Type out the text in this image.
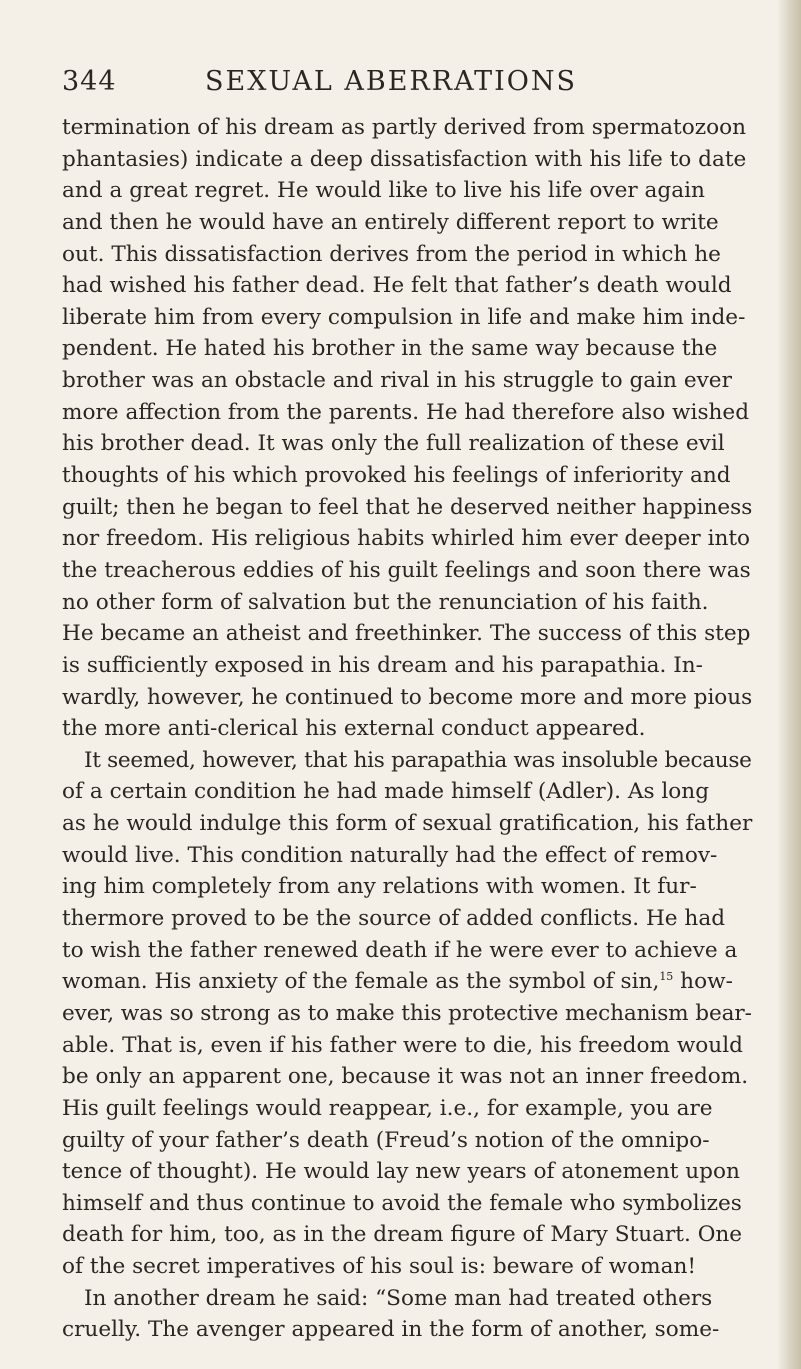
344	SEXUAL ABERRATIONS
termination of his dream as partly derived from spermatozoon
phantasies) indicate a deep dissatisfaction with his life to date
and a great regret. He would like to live his life over again
and then he would have an entirely different report to write
out. This dissatisfaction derives from the period in which he
had wished his father dead. He felt that father’s death would
liberate him from every compulsion in life and make him inde-
pendent. He hated his brother in the same way because the
brother was an obstacle and rival in his struggle to gain ever
more affection from the parents. He had therefore also wished
his brother dead. It was only the full realization of these evil
thoughts of his which provoked his feelings of inferiority and
guilt; then he began to feel that he deserved neither happiness
nor freedom. His religious habits whirled him ever deeper into
the treacherous eddies of his guilt feelings and soon there was
no other form of salvation but the renunciation of his faith.
He became an atheist and freethinker. The success of this step
is sufficiently exposed in his dream and his parapathia. In-
wardly, however, he continued to become more and more pious
the more anti-clerical his external conduct appeared.
It seemed, however, that his parapathia was insoluble because
of a certain condition he had made himself (Adler). As long
as he would indulge this form of sexual gratification, his father
would live. This condition naturally had the effect of remov-
ing him completely from any relations with women. It fur-
thermore proved to be the source of added conflicts. He had
to wish the father renewed death if he were ever to achieve a
woman. His anxiety of the female as the symbol of sin,$^{15}$ how-
ever, was so strong as to make this protective mechanism bear-
able. That is, even if his father were to die, his freedom would
be only an apparent one, because it was not an inner freedom.
His guilt feelings would reappear, i.e., for example, you are
guilty of your father’s death (Freud’s notion of the omnipo-
tence of thought). He would lay new years of atonement upon
himself and thus continue to avoid the female who symbolizes
death for him, too, as in the dream figure of Mary Stuart. One
of the secret imperatives of his soul is: beware of woman!
In another dream he said: “Some man had treated others
cruelly. The avenger appeared in the form of another, some-
